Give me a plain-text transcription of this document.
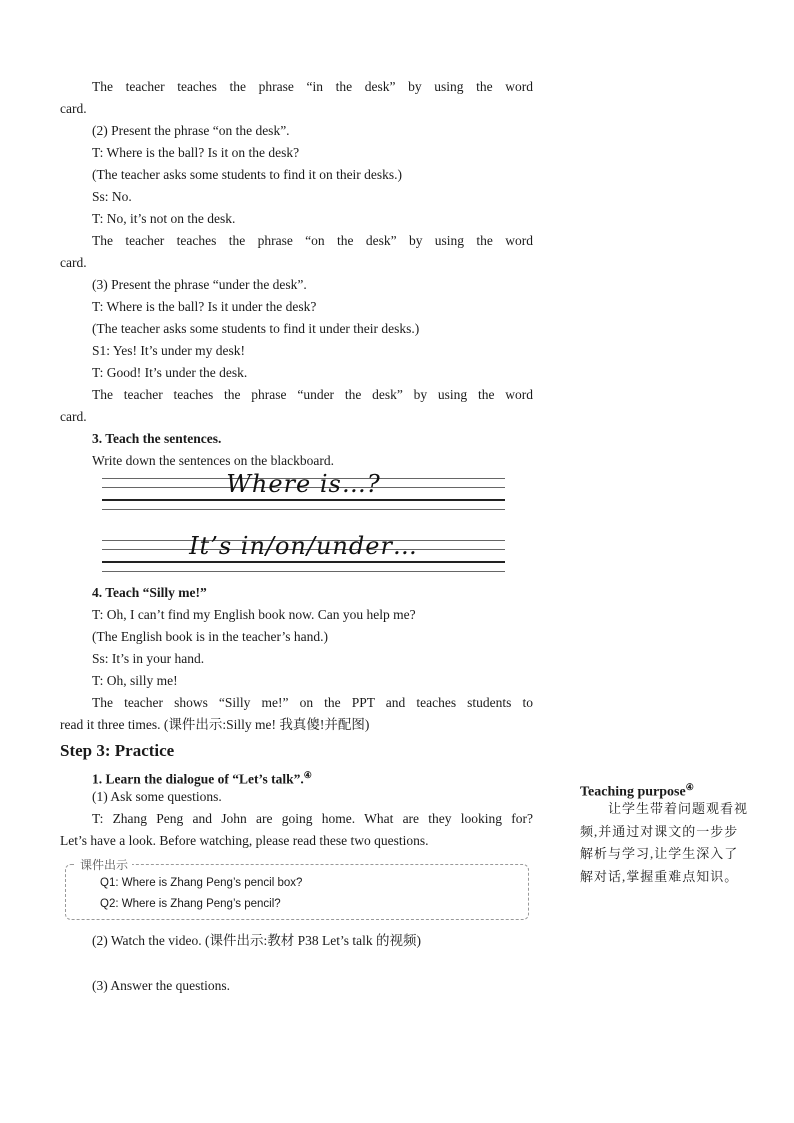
The teacher teaches the phrase “in the desk” by using the word
card.
(2) Present the phrase “on the desk”.
T: Where is the ball? Is it on the desk?
(The teacher asks some students to find it on their desks.)
Ss: No.
T: No, it’s not on the desk.
The teacher teaches the phrase “on the desk” by using the word
card.
(3) Present the phrase “under the desk”.
T: Where is the ball? Is it under the desk?
(The teacher asks some students to find it under their desks.)
S1: Yes! It’s under my desk!
T: Good! It’s under the desk.
The teacher teaches the phrase “under the desk” by using the word
card.
3. Teach the sentences.
Write down the sentences on the blackboard.
Where is…?
It’s in/on/under…
4. Teach “Silly me!”
T: Oh, I can’t find my English book now. Can you help me?
(The English book is in the teacher’s hand.)
Ss: It’s in your hand.
T: Oh, silly me!
The teacher shows “Silly me!” on the PPT and teaches students to
read it three times. (课件出示:Silly me! 我真傻!并配图)
Step 3: Practice
1. Learn the dialogue of “Let’s talk”.④
(1) Ask some questions.
T: Zhang Peng and John are going home. What are they looking for?
Let’s have a look. Before watching, please read these two questions.
课件出示
Q1: Where is Zhang Peng’s pencil box?
Q2: Where is Zhang Peng’s pencil?
(2) Watch the video. (课件出示:教材 P38 Let’s talk 的视频)
(3) Answer the questions.
Teaching purpose④
让学生带着问题观看视频,并通过对课文的一步步解析与学习,让学生深入了解对话,掌握重难点知识。
